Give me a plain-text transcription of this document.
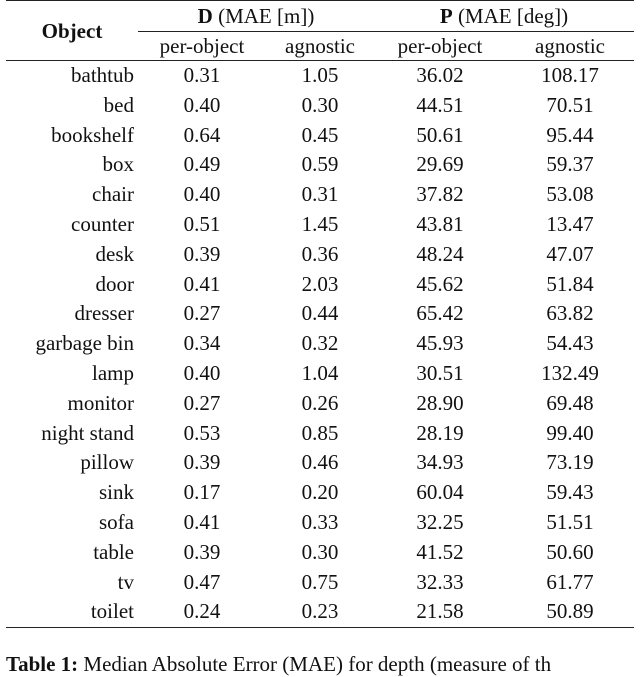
Object	D (MAE [m])		P (MAE [deg])	
	per-object	agnostic	per-object	agnostic
bathtub	0.31	1.05	36.02	108.17
bed	0.40	0.30	44.51	70.51
bookshelf	0.64	0.45	50.61	95.44
box	0.49	0.59	29.69	59.37
chair	0.40	0.31	37.82	53.08
counter	0.51	1.45	43.81	13.47
desk	0.39	0.36	48.24	47.07
door	0.41	2.03	45.62	51.84
dresser	0.27	0.44	65.42	63.82
garbage bin	0.34	0.32	45.93	54.43
lamp	0.40	1.04	30.51	132.49
monitor	0.27	0.26	28.90	69.48
night stand	0.53	0.85	28.19	99.40
pillow	0.39	0.46	34.93	73.19
sink	0.17	0.20	60.04	59.43
sofa	0.41	0.33	32.25	51.51
table	0.39	0.30	41.52	50.60
tv	0.47	0.75	32.33	61.77
toilet	0.24	0.23	21.58	50.89
Table 1: Median Absolute Error (MAE) for depth (measure of th
